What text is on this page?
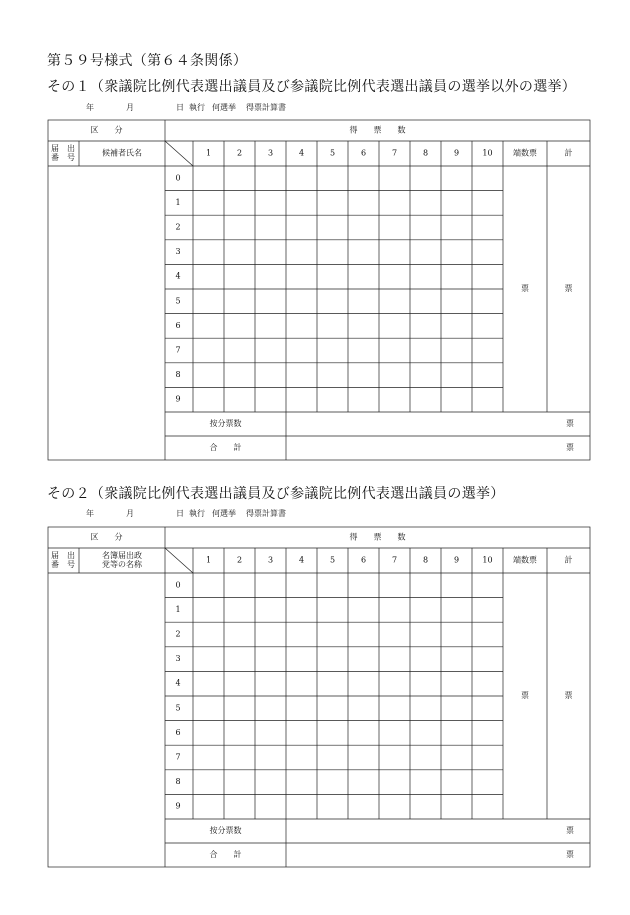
第５９号様式（第６４条関係）
その１（衆議院比例代表選出議員及び参議院比例代表選出議員の選挙以外の選挙）
年	月	日 執行 何選挙 得票計算書
区　　分	得　　票　　数
届　出
番　号	候補者氏名	1	2	3	4	5	6	7	8	9	10	端数票	計
0
1
2
3
4
5
6
7
8
9
票	票
按分票数	票
合　　計	票
その２（衆議院比例代表選出議員及び参議院比例代表選出議員の選挙）
年	月	日 執行 何選挙 得票計算書
区　　分	得　　票　　数
届　出
番　号
名簿届出政
党等の名称	1	2	3	4	5	6	7	8	9	10	端数票	計
0
1
2
3
4
5
6
7
8
9
票	票
按分票数	票
合　　計	票
